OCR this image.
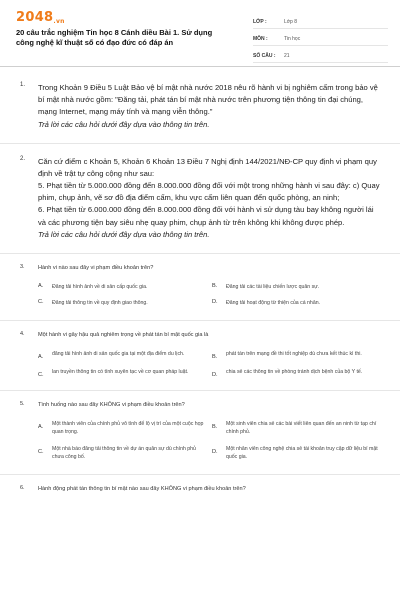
2048.vn
20 câu trắc nghiệm Tin học 8 Cánh diều Bài 1. Sử dụng công nghệ kĩ thuật số có đạo đức có đáp án
LỚP :	Lớp 8
MÔN :	Tin học
SỐ CÂU :	21
1. Trong Khoản 9 Điều 5 Luật Bảo vệ bí mật nhà nước 2018 nêu rõ hành vi bị nghiêm cấm trong bảo vệ bí mật nhà nước gồm: "Đăng tải, phát tán bí mật nhà nước trên phương tiện thông tin đại chúng, mạng Internet, mạng máy tính và mạng viễn thông."
Trả lời các câu hỏi dưới đây dựa vào thông tin trên.
2. Căn cứ điểm c Khoản 5, Khoản 6 Khoản 13 Điều 7 Nghị định 144/2021/NĐ-CP quy định vi phạm quy định về trật tự công cộng như sau:
5. Phạt tiền từ 5.000.000 đồng đến 8.000.000 đồng đối với một trong những hành vi sau đây: c) Quay phim, chụp ảnh, vẽ sơ đồ địa điểm cấm, khu vực cấm liên quan đến quốc phòng, an ninh;
6. Phạt tiền từ 6.000.000 đồng đến 8.000.000 đồng đối với hành vi sử dụng tàu bay không người lái và các phương tiện bay siêu nhẹ quay phim, chụp ảnh từ trên không khi không được phép.
Trả lời các câu hỏi dưới đây dựa vào thông tin trên.
3. Hành vi nào sau đây vi phạm điều khoản trên?
A.	Đăng tải hình ảnh về di sản cấp quốc gia.	B.	Đăng tải các tài liệu chiến lược quân sự.
C.	Đăng tải thông tin về quy định giao thông.	D.	Đăng tải hoạt động từ thiện của cá nhân.
4. Một hành vi gây hậu quả nghiêm trọng về phát tán bí mật quốc gia là
A.	đăng tải hình ảnh di sản quốc gia tại một địa điểm du lịch.	B.	phát tán trên mạng đề thi tốt nghiệp dù chưa kết thúc kì thi.
C.	lan truyền thông tin có tính xuyên tạc về cơ quan pháp luật.	D.	chia sẻ các thông tin về phòng tránh dịch bệnh của bộ Y tế.
5. Tình huống nào sau đây KHÔNG vi phạm điều khoản trên?
A.	Một thành viên của chính phủ vô tình để lộ vị trí của một cuộc họp quan trọng.
B.	Một sinh viên chia sẻ các bài viết liên quan đến an ninh từ tạp chí chính phủ.
C.	Một nhà báo đăng tải thông tin về dự án quân sự dù chính phủ chưa công bố.
D.	Một nhân viên công nghệ chia sẻ tài khoản truy cập dữ liệu bí mật quốc gia.
6. Hành động phát tán thông tin bí mật nào sau đây KHÔNG vi phạm điều khoản trên?
